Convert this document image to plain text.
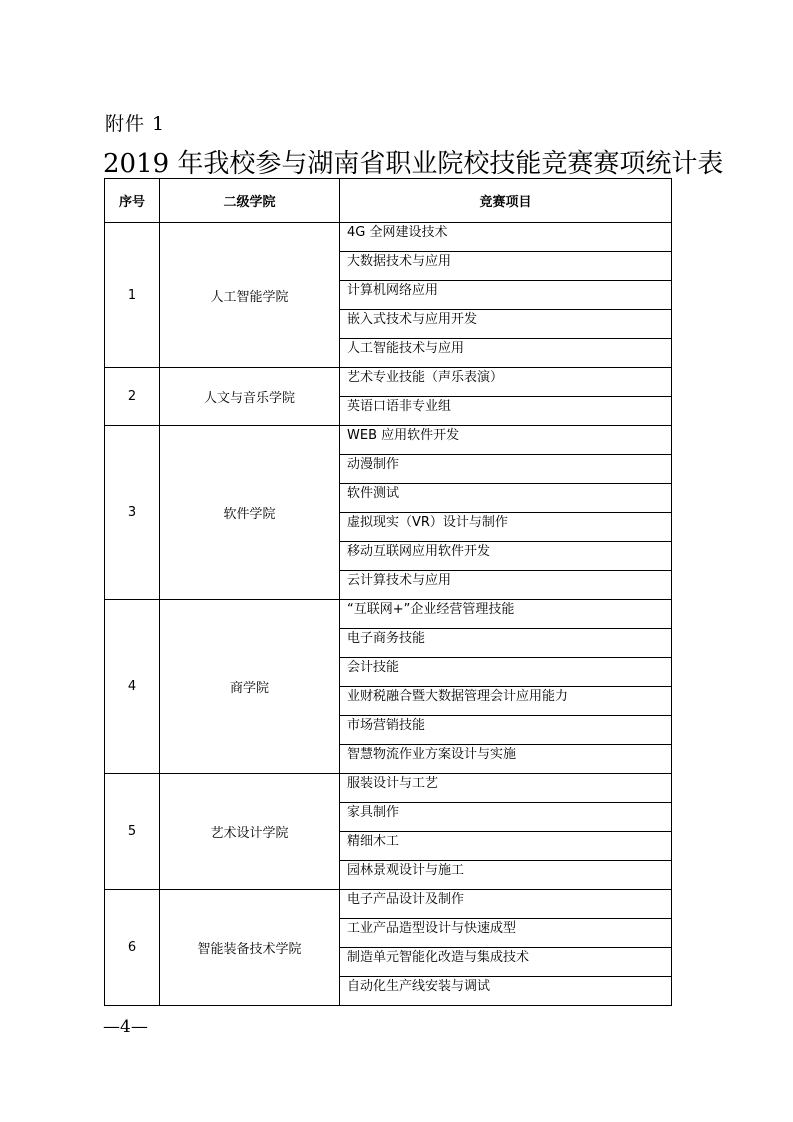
附件 1
2019 年我校参与湖南省职业院校技能竞赛赛项统计表
序号	二级学院	竞赛项目
1	人工智能学院	4G 全网建设技术
		大数据技术与应用
		计算机网络应用
		嵌入式技术与应用开发
		人工智能技术与应用
2	人文与音乐学院	艺术专业技能（声乐表演）
		英语口语非专业组
3	软件学院	WEB 应用软件开发
		动漫制作
		软件测试
		虚拟现实（VR）设计与制作
		移动互联网应用软件开发
		云计算技术与应用
4	商学院	“互联网+”企业经营管理技能
		电子商务技能
		会计技能
		业财税融合暨大数据管理会计应用能力
		市场营销技能
		智慧物流作业方案设计与实施
5	艺术设计学院	服装设计与工艺
		家具制作
		精细木工
		园林景观设计与施工
6	智能装备技术学院	电子产品设计及制作
		工业产品造型设计与快速成型
		制造单元智能化改造与集成技术
		自动化生产线安装与调试
—4—
